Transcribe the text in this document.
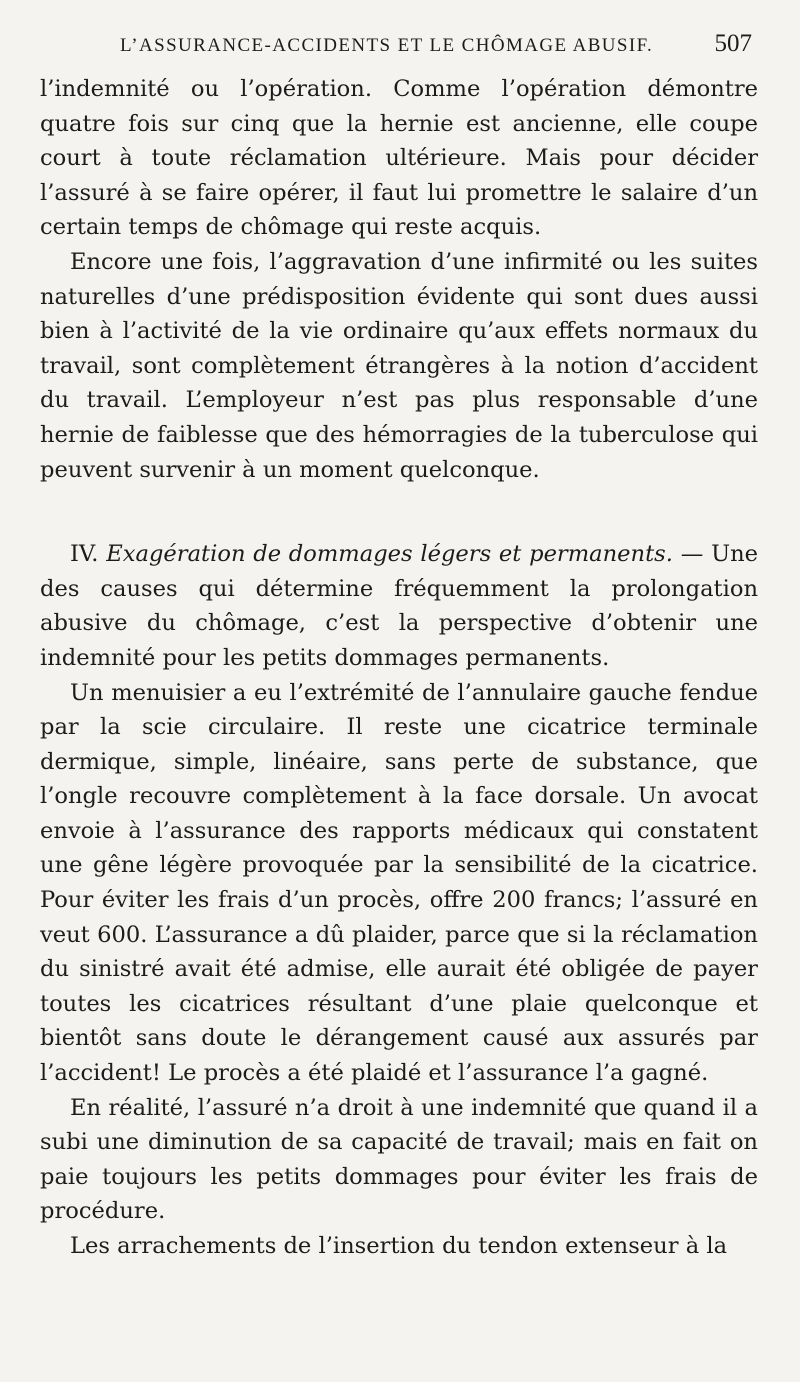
L’ASSURANCE-ACCIDENTS ET LE CHÔMAGE ABUSIF. 507

l’indemnité ou l’opération. Comme l’opération démontre quatre fois sur cinq que la hernie est ancienne, elle coupe court à toute réclamation ultérieure. Mais pour décider l’assuré à se faire opérer, il faut lui promettre le salaire d’un certain temps de chômage qui reste acquis.

Encore une fois, l’aggravation d’une infirmité ou les suites naturelles d’une prédisposition évidente qui sont dues aussi bien à l’activité de la vie ordinaire qu’aux effets normaux du travail, sont complètement étrangères à la notion d’accident du travail. L’employeur n’est pas plus responsable d’une hernie de faiblesse que des hémorragies de la tuberculose qui peuvent survenir à un moment quelconque.

IV. Exagération de dommages légers et permanents. — Une des causes qui détermine fréquemment la prolongation abusive du chômage, c’est la perspective d’obtenir une indemnité pour les petits dommages permanents.

Un menuisier a eu l’extrémité de l’annulaire gauche fendue par la scie circulaire. Il reste une cicatrice terminale dermique, simple, linéaire, sans perte de substance, que l’ongle recouvre complètement à la face dorsale. Un avocat envoie à l’assurance des rapports médicaux qui constatent une gêne légère provoquée par la sensibilité de la cicatrice. Pour éviter les frais d’un procès, offre 200 francs; l’assuré en veut 600. L’assurance a dû plaider, parce que si la réclamation du sinistré avait été admise, elle aurait été obligée de payer toutes les cicatrices résultant d’une plaie quelconque et bientôt sans doute le dérangement causé aux assurés par l’accident! Le procès a été plaidé et l’assurance l’a gagné.

En réalité, l’assuré n’a droit à une indemnité que quand il a subi une diminution de sa capacité de travail; mais en fait on paie toujours les petits dommages pour éviter les frais de procédure.

Les arrachements de l’insertion du tendon extenseur à la
